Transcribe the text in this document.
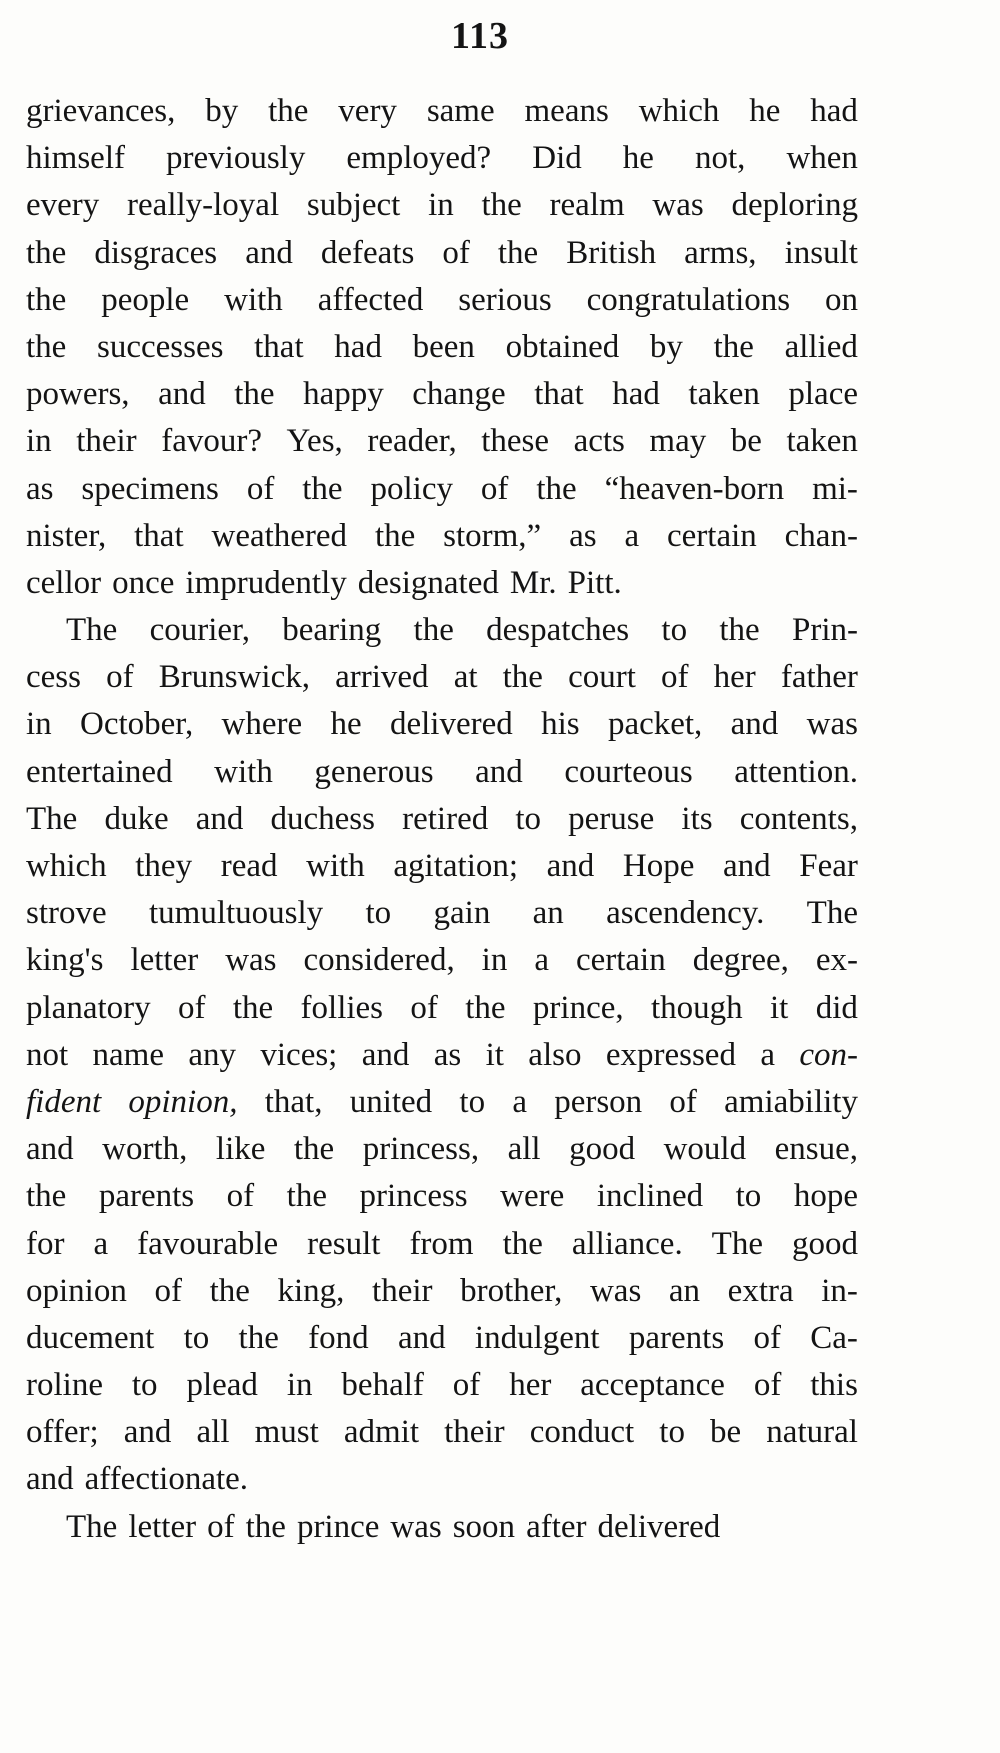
113
grievances, by the very same means which he had
himself previously employed? Did he not, when
every really-loyal subject in the realm was deploring
the disgraces and defeats of the British arms, insult
the people with affected serious congratulations on
the successes that had been obtained by the allied
powers, and the happy change that had taken place
in their favour? Yes, reader, these acts may be taken
as specimens of the policy of the “heaven-born mi-
nister, that weathered the storm,” as a certain chan-
cellor once imprudently designated Mr. Pitt.
The courier, bearing the despatches to the Prin-
cess of Brunswick, arrived at the court of her father
in October, where he delivered his packet, and was
entertained with generous and courteous attention.
The duke and duchess retired to peruse its contents,
which they read with agitation; and Hope and Fear
strove tumultuously to gain an ascendency. The
king's letter was considered, in a certain degree, ex-
planatory of the follies of the prince, though it did
not name any vices; and as it also expressed a con-
fident opinion, that, united to a person of amiability
and worth, like the princess, all good would ensue,
the parents of the princess were inclined to hope
for a favourable result from the alliance. The good
opinion of the king, their brother, was an extra in-
ducement to the fond and indulgent parents of Ca-
roline to plead in behalf of her acceptance of this
offer; and all must admit their conduct to be natural
and affectionate.
The letter of the prince was soon after delivered
